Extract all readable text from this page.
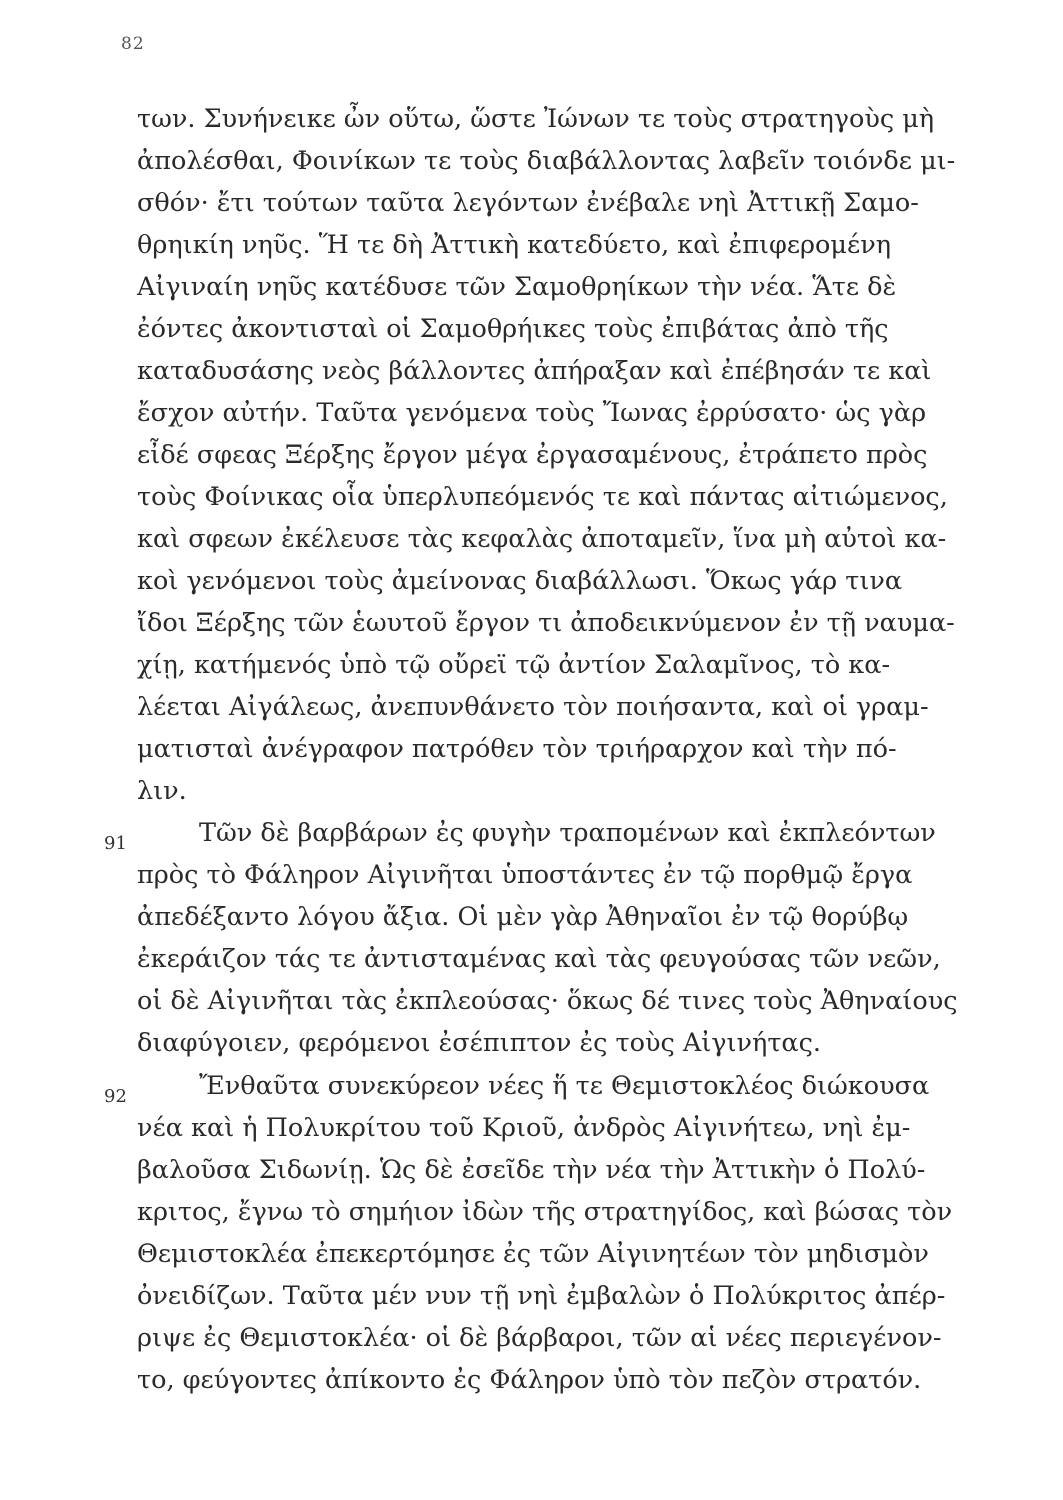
82
91
92
των. Συνήνεικε ὦν οὕτω, ὥστε Ἰώνων τε τοὺς στρατηγοὺς μὴ
ἀπολέσθαι, Φοινίκων τε τοὺς διαβάλλοντας λαβεῖν τοιόνδε μι-
σθόν· ἔτι τούτων ταῦτα λεγόντων ἐνέβαλε νηὶ Ἀττικῇ Σαμο-
θρηικίη νηῦς. Ἥ τε δὴ Ἀττικὴ κατεδύετο, καὶ ἐπιφερομένη
Αἰγιναίη νηῦς κατέδυσε τῶν Σαμοθρηίκων τὴν νέα. Ἅτε δὲ
ἐόντες ἀκοντισταὶ οἱ Σαμοθρήικες τοὺς ἐπιβάτας ἀπὸ τῆς
καταδυσάσης νεὸς βάλλοντες ἀπήραξαν καὶ ἐπέβησάν τε καὶ
ἔσχον αὐτήν. Ταῦτα γενόμενα τοὺς Ἴωνας ἐρρύσατο· ὡς γὰρ
εἶδέ σφεας Ξέρξης ἔργον μέγα ἐργασαμένους, ἐτράπετο πρὸς
τοὺς Φοίνικας οἷα ὑπερλυπεόμενός τε καὶ πάντας αἰτιώμενος,
καὶ σφεων ἐκέλευσε τὰς κεφαλὰς ἀποταμεῖν, ἵνα μὴ αὐτοὶ κα-
κοὶ γενόμενοι τοὺς ἀμείνονας διαβάλλωσι. Ὅκως γάρ τινα
ἴδοι Ξέρξης τῶν ἑωυτοῦ ἔργον τι ἀποδεικνύμενον ἐν τῇ ναυμα-
χίῃ, κατήμενός ὑπὸ τῷ οὔρεϊ τῷ ἀντίον Σαλαμῖνος, τὸ κα-
λέεται Αἰγάλεως, ἀνεπυνθάνετο τὸν ποιήσαντα, καὶ οἱ γραμ-
ματισταὶ ἀνέγραφον πατρόθεν τὸν τριήραρχον καὶ τὴν πό-
λιν.
Τῶν δὲ βαρβάρων ἐς φυγὴν τραπομένων καὶ ἐκπλεόντων
πρὸς τὸ Φάληρον Αἰγινῆται ὑποστάντες ἐν τῷ πορθμῷ ἔργα
ἀπεδέξαντο λόγου ἄξια. Οἱ μὲν γὰρ Ἀθηναῖοι ἐν τῷ θορύβῳ
ἐκεράιζον τάς τε ἀντισταμένας καὶ τὰς φευγούσας τῶν νεῶν,
οἱ δὲ Αἰγινῆται τὰς ἐκπλεούσας· ὅκως δέ τινες τοὺς Ἀθηναίους
διαφύγοιεν, φερόμενοι ἐσέπιπτον ἐς τοὺς Αἰγινήτας.
Ἔνθαῦτα συνεκύρεον νέες ἥ τε Θεμιστοκλέος διώκουσα
νέα καὶ ἡ Πολυκρίτου τοῦ Κριοῦ, ἀνδρὸς Αἰγινήτεω, νηὶ ἐμ-
βαλοῦσα Σιδωνίῃ. Ὡς δὲ ἐσεῖδε τὴν νέα τὴν Ἀττικὴν ὁ Πολύ-
κριτος, ἔγνω τὸ σημήιον ἰδὼν τῆς στρατηγίδος, καὶ βώσας τὸν
Θεμιστοκλέα ἐπεκερτόμησε ἐς τῶν Αἰγινητέων τὸν μηδισμὸν
ὀνειδίζων. Ταῦτα μέν νυν τῇ νηὶ ἐμβαλὼν ὁ Πολύκριτος ἀπέρ-
ριψε ἐς Θεμιστοκλέα· οἱ δὲ βάρβαροι, τῶν αἱ νέες περιεγένον-
το, φεύγοντες ἀπίκοντο ἐς Φάληρον ὑπὸ τὸν πεζὸν στρατόν.
